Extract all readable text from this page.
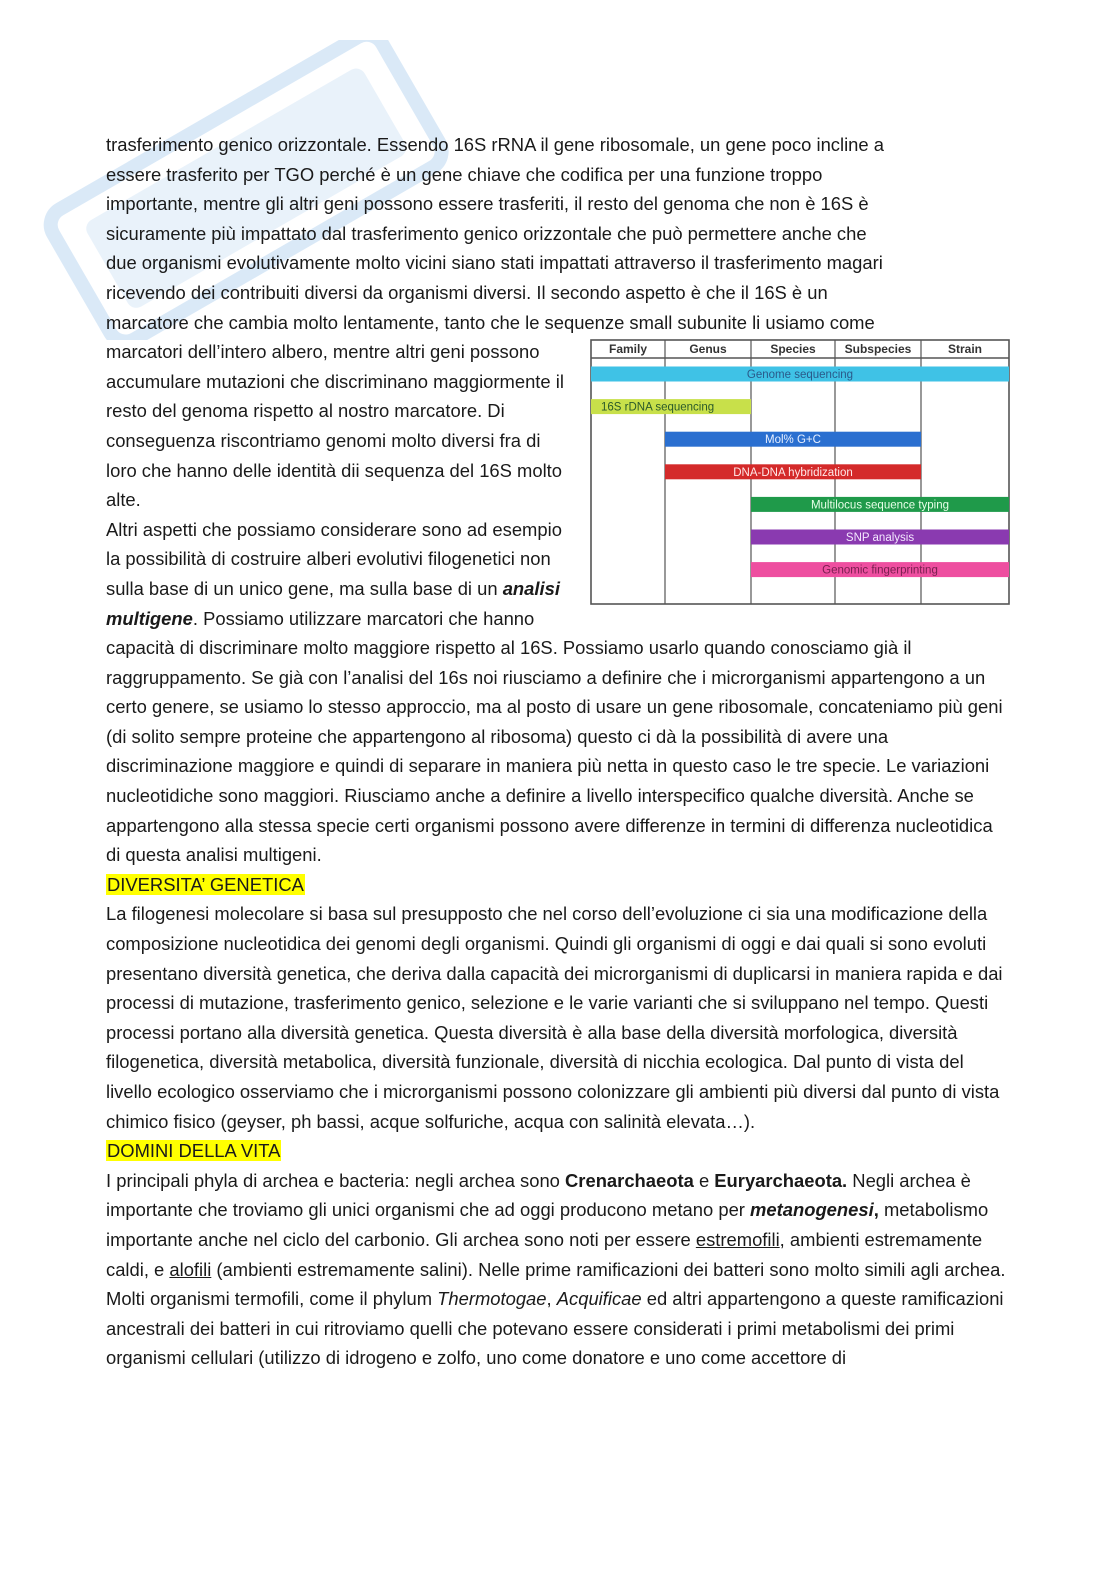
trasferimento genico orizzontale. Essendo 16S rRNA il gene ribosomale, un gene poco incline a
essere trasferito per TGO perché è un gene chiave che codifica per una funzione troppo
importante, mentre gli altri geni possono essere trasferiti, il resto del genoma che non è 16S è
sicuramente più impattato dal trasferimento genico orizzontale che può permettere anche che
due organismi evolutivamente molto vicini siano stati impattati attraverso il trasferimento magari
ricevendo dei contribuiti diversi da organismi diversi. Il secondo aspetto è che il 16S è un
marcatore che cambia molto lentamente, tanto che le sequenze small subunite li usiamo come

Family	Genus	Species Subspecies	Strain
Genome sequencing
16S rDNA sequencing
Mol% G+C
DNA-DNA hybridization
Multilocus sequence typing
SNP analysis
Genomic fingerprinting

marcatori dell’intero albero, mentre altri geni possono accumulare mutazioni che discriminano maggiormente il resto del genoma rispetto al nostro marcatore. Di conseguenza riscontriamo genomi molto diversi fra di loro che hanno delle identità dii sequenza del 16S molto alte.

Altri aspetti che possiamo considerare sono ad esempio la possibilità di costruire alberi evolutivi filogenetici non sulla base di un unico gene, ma sulla base di un analisi multigene. Possiamo utilizzare marcatori che hanno capacità di discriminare molto maggiore rispetto al 16S. Possiamo usarlo quando conosciamo già il raggruppamento. Se già con l’analisi del 16s noi riusciamo a definire che i microrganismi appartengono a un certo genere, se usiamo lo stesso approccio, ma al posto di usare un gene ribosomale, concateniamo più geni (di solito sempre proteine che appartengono al ribosoma) questo ci dà la possibilità di avere una discriminazione maggiore e quindi di separare in maniera più netta in questo caso le tre specie. Le variazioni nucleotidiche sono maggiori. Riusciamo anche a definire a livello interspecifico qualche diversità. Anche se appartengono alla stessa specie certi organismi possono avere differenze in termini di differenza nucleotidica di questa analisi multigeni.

DIVERSITA’ GENETICA

La filogenesi molecolare si basa sul presupposto che nel corso dell’evoluzione ci sia una modificazione della composizione nucleotidica dei genomi degli organismi. Quindi gli organismi di oggi e dai quali si sono evoluti presentano diversità genetica, che deriva dalla capacità dei microrganismi di duplicarsi in maniera rapida e dai processi di mutazione, trasferimento genico, selezione e le varie varianti che si sviluppano nel tempo. Questi processi portano alla diversità genetica. Questa diversità è alla base della diversità morfologica, diversità filogenetica, diversità metabolica, diversità funzionale, diversità di nicchia ecologica. Dal punto di vista del livello ecologico osserviamo che i microrganismi possono colonizzare gli ambienti più diversi dal punto di vista chimico fisico (geyser, ph bassi, acque solfuriche, acqua con salinità elevata…).

DOMINI DELLA VITA

I principali phyla di archea e bacteria: negli archea sono Crenarchaeota e Euryarchaeota. Negli archea è importante che troviamo gli unici organismi che ad oggi producono metano per metanogenesi, metabolismo importante anche nel ciclo del carbonio. Gli archea sono noti per essere estremofili, ambienti estremamente caldi, e alofili (ambienti estremamente salini). Nelle prime ramificazioni dei batteri sono molto simili agli archea. Molti organismi termofili, come il phylum Thermotogae, Acquificae ed altri appartengono a queste ramificazioni ancestrali dei batteri in cui ritroviamo quelli che potevano essere considerati i primi metabolismi dei primi organismi cellulari (utilizzo di idrogeno e zolfo, uno come donatore e uno come accettore di
